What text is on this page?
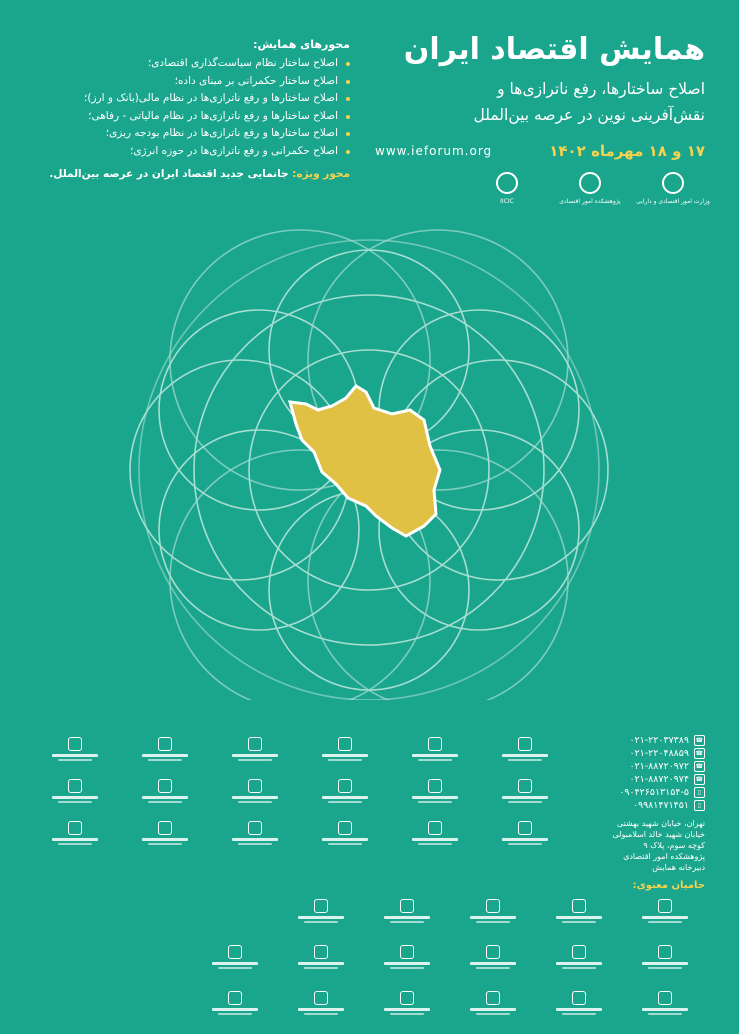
همایش اقتصاد ایران
اصلاح ساختارها، رفع ناترازی‌ها و
نقش‌آفرینی نوین در عرصه بین‌الملل
۱۷ و ۱۸ مهرماه ۱۴۰۲
www.ieforum.org
IICIC	پژوهشکده امور اقتصادی	وزارت امور اقتصادی و دارایی
محورهای همایش:
اصلاح ساختار نظام سیاست‌گذاری اقتصادی؛
اصلاح ساختار حکمرانی بر مبنای داده؛
اصلاح ساختارها و رفع ناترازی‌ها در نظام مالی(بانک و ارز)؛
اصلاح ساختارها و رفع ناترازی‌ها در نظام مالیاتی - رفاهی؛
اصلاح ساختارها و رفع ناترازی‌ها در نظام بودجه ریزی؛
اصلاح حکمرانی و رفع ناترازی‌ها در حوزه انرژی؛
محور ویژه: جانمایی جدید اقتصاد ایران در عرصه بین‌الملل.
☎
۰۲۱-۲۲۰۳۷۳۸۹
☎
۰۲۱-۲۲۰۴۸۸۵۹
☎
۰۲۱-۸۸۷۲۰۹۷۲
☎
۰۲۱-۸۸۷۲۰۹۷۴
▯
۰۹۰۴۲۶۵۱۳۱۵۴-۵
▯
۰۹۹۸۱۴۷۱۴۵۱
تهران، خیابان شهید بهشتی
خیابان شهید خالد اسلامبولی
کوچه سوم، پلاک ۹
پژوهشکده امور اقتصادی
دبیرخانه همایش
حامیان معنوی:
